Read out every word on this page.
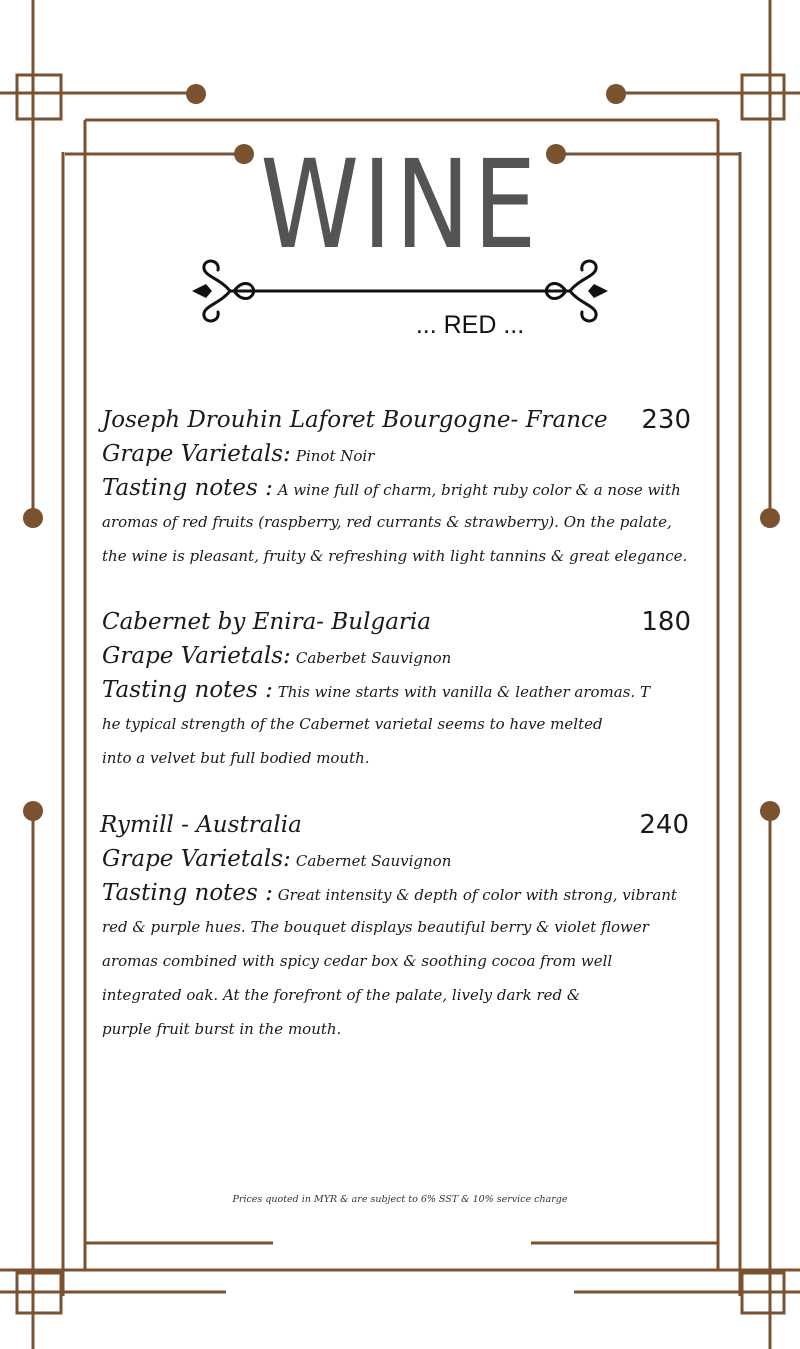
WINE
... RED ...
Joseph Drouhin Laforet Bourgogne- France 230
Grape Varietals: Pinot Noir
Tasting notes : A wine full of charm, bright ruby color & a nose with
aromas of red fruits (raspberry, red currants & strawberry). On the palate,
the wine is pleasant, fruity & refreshing with light tannins & great elegance.
Cabernet by Enira- Bulgaria	180
Grape Varietals: Caberbet Sauvignon
Tasting notes : This wine starts with vanilla & leather aromas. T
he typical strength of the Cabernet varietal seems to have melted
into a velvet but full bodied mouth.
Rymill - Australia	240
Grape Varietals: Cabernet Sauvignon
Tasting notes : Great intensity & depth of color with strong, vibrant
red & purple hues. The bouquet displays beautiful berry & violet flower
aromas combined with spicy cedar box & soothing cocoa from well
integrated oak. At the forefront of the palate, lively dark red &
purple fruit burst in the mouth.
Prices quoted in MYR & are subject to 6% SST & 10% service charge
